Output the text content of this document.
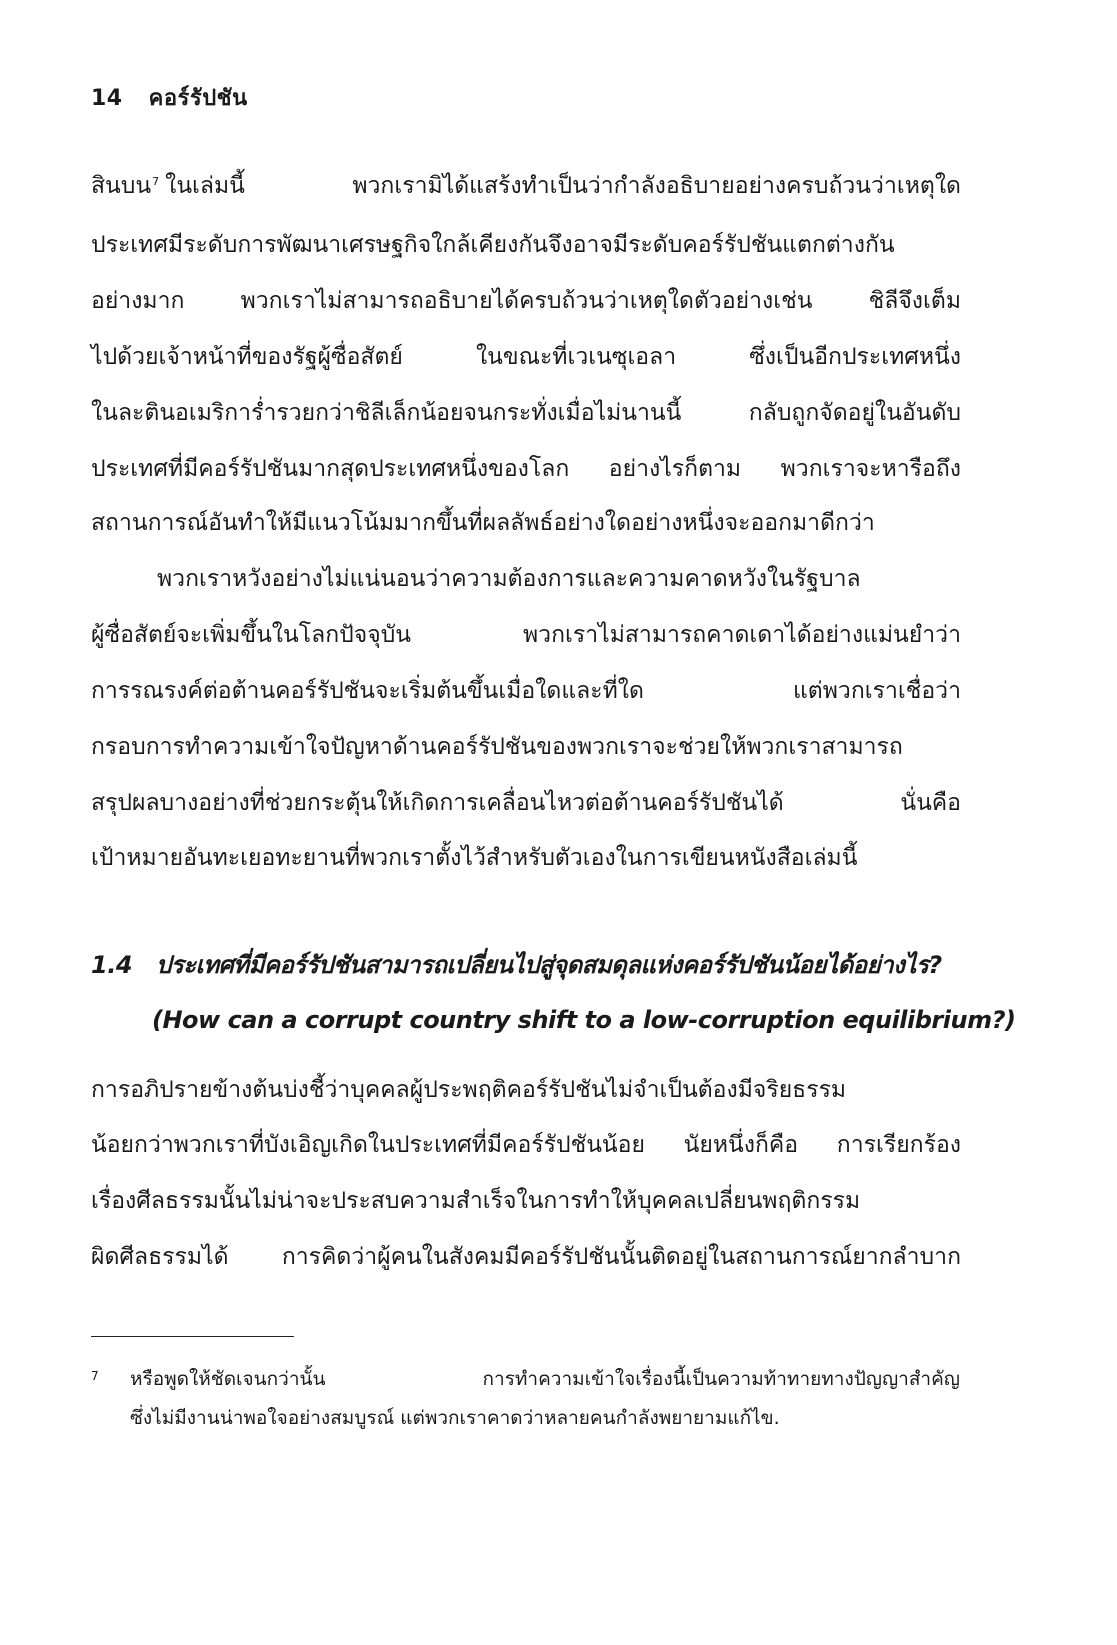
14 คอร์รัปชัน
สินบน$^7$ ในเล่มนี้ พวกเรามิได้แสร้งทำเป็นว่ากำลังอธิบายอย่างครบถ้วนว่าเหตุใด
ประเทศมีระดับการพัฒนาเศรษฐกิจใกล้เคียงกันจึงอาจมีระดับคอร์รัปชันแตกต่างกัน
อย่างมาก พวกเราไม่สามารถอธิบายได้ครบถ้วนว่าเหตุใดตัวอย่างเช่น ชิลีจึงเต็ม
ไปด้วยเจ้าหน้าที่ของรัฐผู้ซื่อสัตย์ ในขณะที่เวเนซุเอลา ซึ่งเป็นอีกประเทศหนึ่ง
ในละตินอเมริการ่ำรวยกว่าชิลีเล็กน้อยจนกระทั่งเมื่อไม่นานนี้ กลับถูกจัดอยู่ในอันดับ
ประเทศที่มีคอร์รัปชันมากสุดประเทศหนึ่งของโลก อย่างไรก็ตาม พวกเราจะหารือถึง
สถานการณ์อันทำให้มีแนวโน้มมากขึ้นที่ผลลัพธ์อย่างใดอย่างหนึ่งจะออกมาดีกว่า
พวกเราหวังอย่างไม่แน่นอนว่าความต้องการและความคาดหวังในรัฐบาล
ผู้ซื่อสัตย์จะเพิ่มขึ้นในโลกปัจจุบัน พวกเราไม่สามารถคาดเดาได้อย่างแม่นยำว่า
การรณรงค์ต่อต้านคอร์รัปชันจะเริ่มต้นขึ้นเมื่อใดและที่ใด แต่พวกเราเชื่อว่า
กรอบการทำความเข้าใจปัญหาด้านคอร์รัปชันของพวกเราจะช่วยให้พวกเราสามารถ
สรุปผลบางอย่างที่ช่วยกระตุ้นให้เกิดการเคลื่อนไหวต่อต้านคอร์รัปชันได้ นั่นคือ
เป้าหมายอันทะเยอทะยานที่พวกเราตั้งไว้สำหรับตัวเองในการเขียนหนังสือเล่มนี้
1.4 ประเทศที่มีคอร์รัปชันสามารถเปลี่ยนไปสู่จุดสมดุลแห่งคอร์รัปชันน้อยได้อย่างไร?
(How can a corrupt country shift to a low-corruption equilibrium?)
การอภิปรายข้างต้นบ่งชี้ว่าบุคคลผู้ประพฤติคอร์รัปชันไม่จำเป็นต้องมีจริยธรรม
น้อยกว่าพวกเราที่บังเอิญเกิดในประเทศที่มีคอร์รัปชันน้อย นัยหนึ่งก็คือ การเรียกร้อง
เรื่องศีลธรรมนั้นไม่น่าจะประสบความสำเร็จในการทำให้บุคคลเปลี่ยนพฤติกรรม
ผิดศีลธรรมได้ การคิดว่าผู้คนในสังคมมีคอร์รัปชันนั้นติดอยู่ในสถานการณ์ยากลำบาก
7 หรือพูดให้ชัดเจนกว่านั้น การทำความเข้าใจเรื่องนี้เป็นความท้าทายทางปัญญาสำคัญ
ซึ่งไม่มีงานน่าพอใจอย่างสมบูรณ์ แต่พวกเราคาดว่าหลายคนกำลังพยายามแก้ไข.
